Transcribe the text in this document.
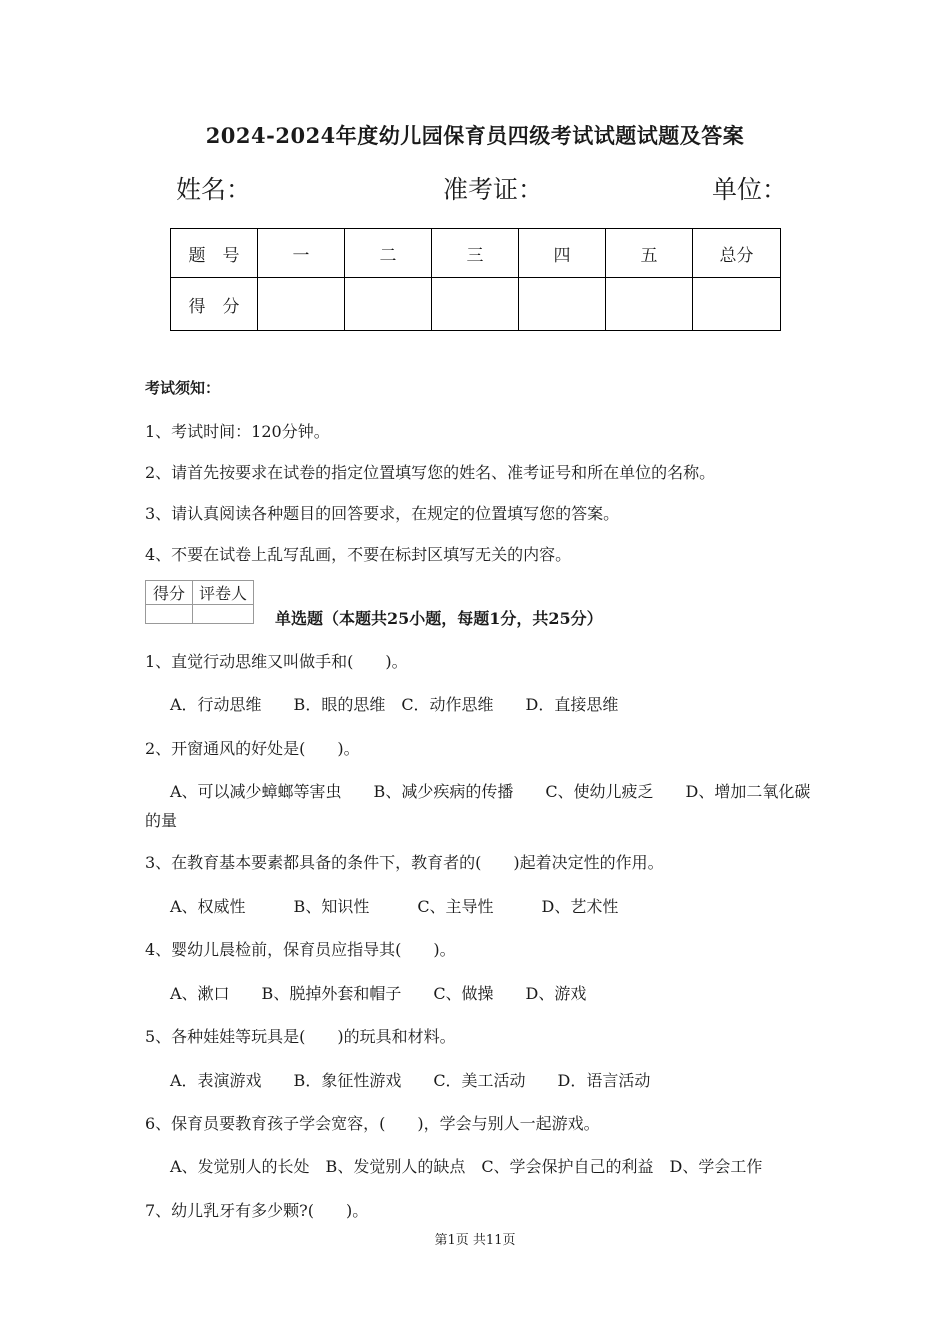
2024-2024年度幼儿园保育员四级考试试题试题及答案
姓名：	准考证：	单位：
题　号	一	二	三	四	五	总分
得　分						
考试须知：
1、考试时间：120分钟。
2、请首先按要求在试卷的指定位置填写您的姓名、准考证号和所在单位的名称。
3、请认真阅读各种题目的回答要求，在规定的位置填写您的答案。
4、不要在试卷上乱写乱画，不要在标封区填写无关的内容。
得分	评卷人

单选题（本题共25小题，每题1分，共25分）
1、直觉行动思维又叫做手和(　　)。
A．行动思维　　B．眼的思维　C．动作思维　　D．直接思维
2、开窗通风的好处是(　　)。
A、可以减少蟑螂等害虫　　B、减少疾病的传播　　C、使幼儿疲乏　　D、增加二氧化碳
的量
3、在教育基本要素都具备的条件下，教育者的(　　)起着决定性的作用。
A、权威性　　　B、知识性　　　C、主导性　　　D、艺术性
4、婴幼儿晨检前，保育员应指导其(　　)。
A、漱口　　B、脱掉外套和帽子　　C、做操　　D、游戏
5、各种娃娃等玩具是(　　)的玩具和材料。
A．表演游戏　　B．象征性游戏　　C．美工活动　　D．语言活动
6、保育员要教育孩子学会宽容，(　　)，学会与别人一起游戏。
A、发觉别人的长处　B、发觉别人的缺点　C、学会保护自己的利益　D、学会工作
7、幼儿乳牙有多少颗?(　　)。
第1页 共11页
